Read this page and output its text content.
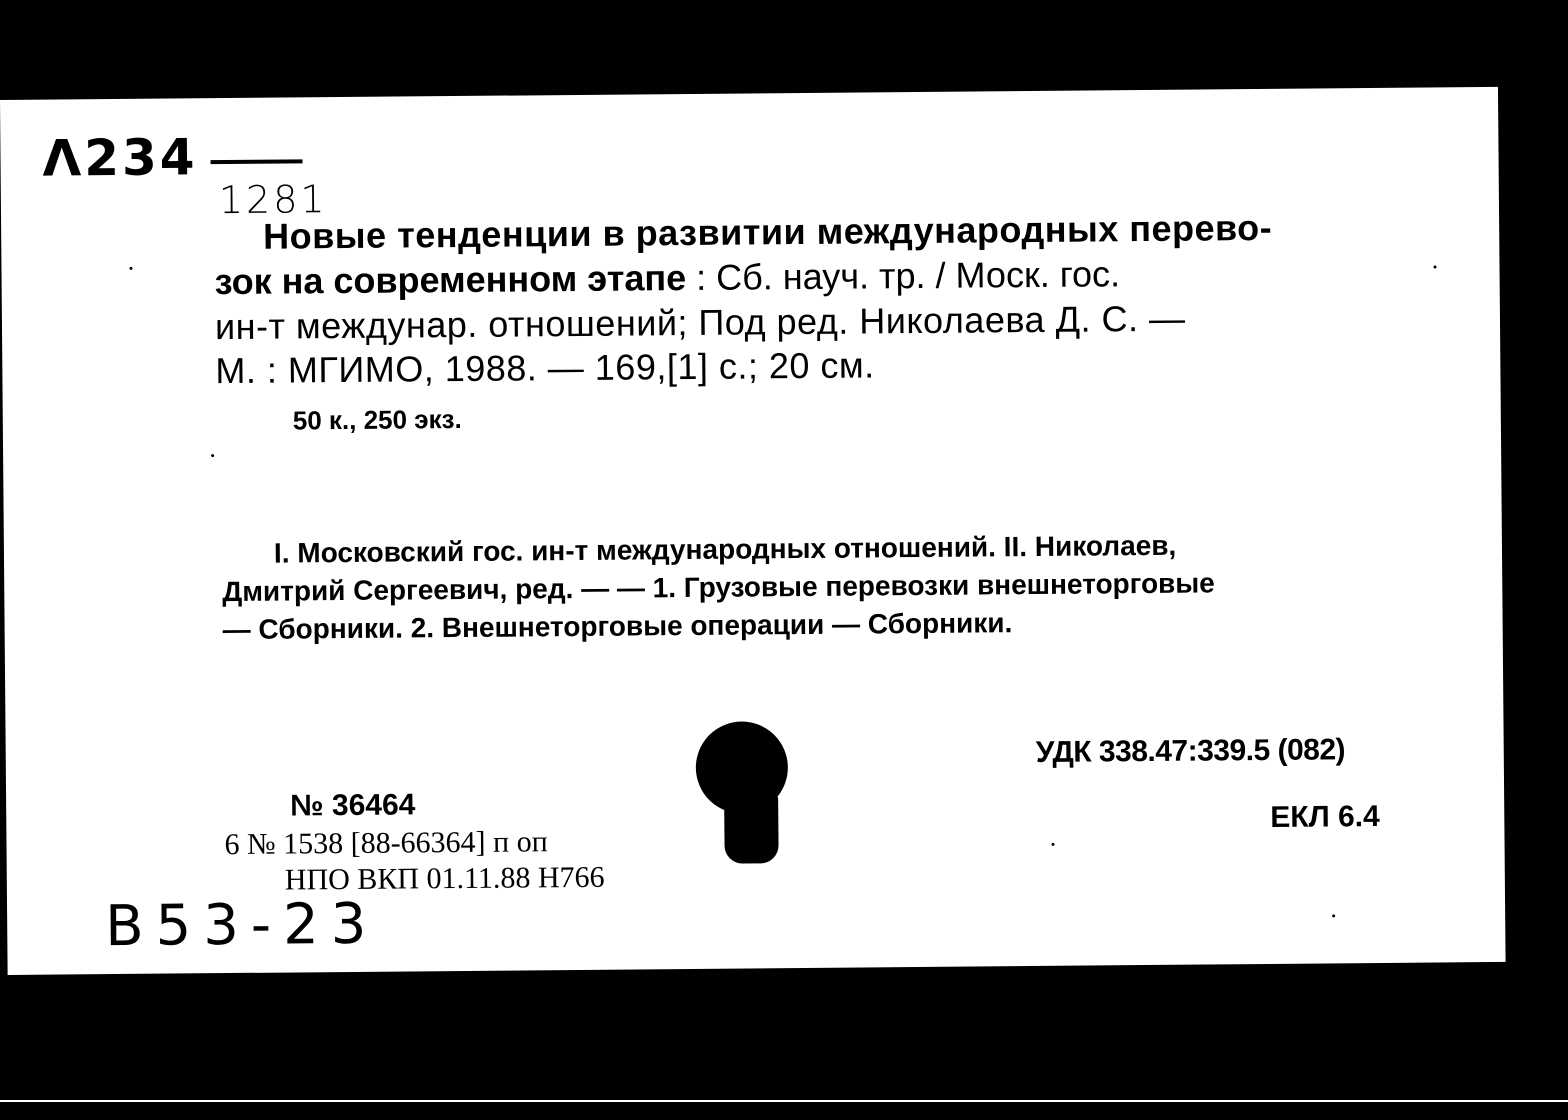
Λ234
1281
Новые тенденции в развитии международных перево-
зок на современном этапе : Сб. науч. тр. / Моск. гос.
ин-т междунар. отношений; Под ред. Николаева Д. С. —
М. : МГИМО, 1988. — 169,[1] с.; 20 см.
50 к., 250 экз.
I. Московский гос. ин-т международных отношений. II. Николаев,
Дмитрий Сергеевич, ред. — — 1. Грузовые перевозки внешнеторговые
— Сборники. 2. Внешнеторговые операции — Сборники.
УДК 338.47:339.5 (082)
ЕКЛ 6.4
№ 36464
6 № 1538 [88-66364] п оп
НПО ВКП 01.11.88 Н766
B53-23
